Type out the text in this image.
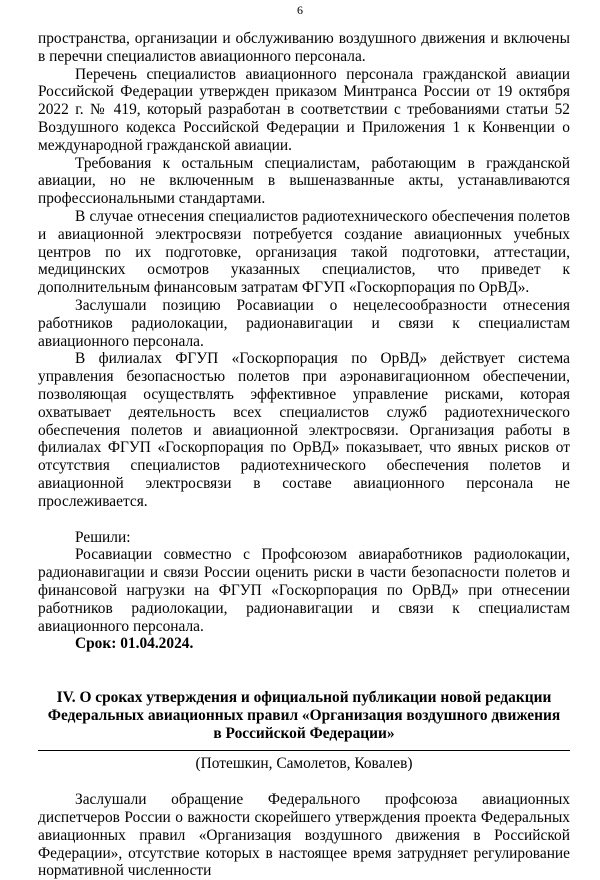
6

пространства, организации и обслуживанию воздушного движения и включены в перечни специалистов авиационного персонала.

Перечень специалистов авиационного персонала гражданской авиации Российской Федерации утвержден приказом Минтранса России от 19 октября 2022 г. № 419, который разработан в соответствии с требованиями статьи 52 Воздушного кодекса Российской Федерации и Приложения 1 к Конвенции о международной гражданской авиации.

Требования к остальным специалистам, работающим в гражданской авиации, но не включенным в вышеназванные акты, устанавливаются профессиональными стандартами.

В случае отнесения специалистов радиотехнического обеспечения полетов и авиационной электросвязи потребуется создание авиационных учебных центров по их подготовке, организация такой подготовки, аттестации, медицинских осмотров указанных специалистов, что приведет к дополнительным финансовым затратам ФГУП «Госкорпорация по ОрВД».

Заслушали позицию Росавиации о нецелесообразности отнесения работников радиолокации, радионавигации и связи к специалистам авиационного персонала.

В филиалах ФГУП «Госкорпорация по ОрВД» действует система управления безопасностью полетов при аэронавигационном обеспечении, позволяющая осуществлять эффективное управление рисками, которая охватывает деятельность всех специалистов служб радиотехнического обеспечения полетов и авиационной электросвязи. Организация работы в филиалах ФГУП «Госкорпорация по ОрВД» показывает, что явных рисков от отсутствия специалистов радиотехнического обеспечения полетов и авиационной электросвязи в составе авиационного персонала не прослеживается.

Решили:

Росавиации совместно с Профсоюзом авиаработников радиолокации, радионавигации и связи России оценить риски в части безопасности полетов и финансовой нагрузки на ФГУП «Госкорпорация по ОрВД» при отнесении работников радиолокации, радионавигации и связи к специалистам авиационного персонала.

Срок: 01.04.2024.

IV. О сроках утверждения и официальной публикации новой редакции Федеральных авиационных правил «Организация воздушного движения в Российской Федерации»

(Потешкин, Самолетов, Ковалев)

Заслушали обращение Федерального профсоюза авиационных диспетчеров России о важности скорейшего утверждения проекта Федеральных авиационных правил «Организация воздушного движения в Российской Федерации», отсутствие которых в настоящее время затрудняет регулирование нормативной численности
